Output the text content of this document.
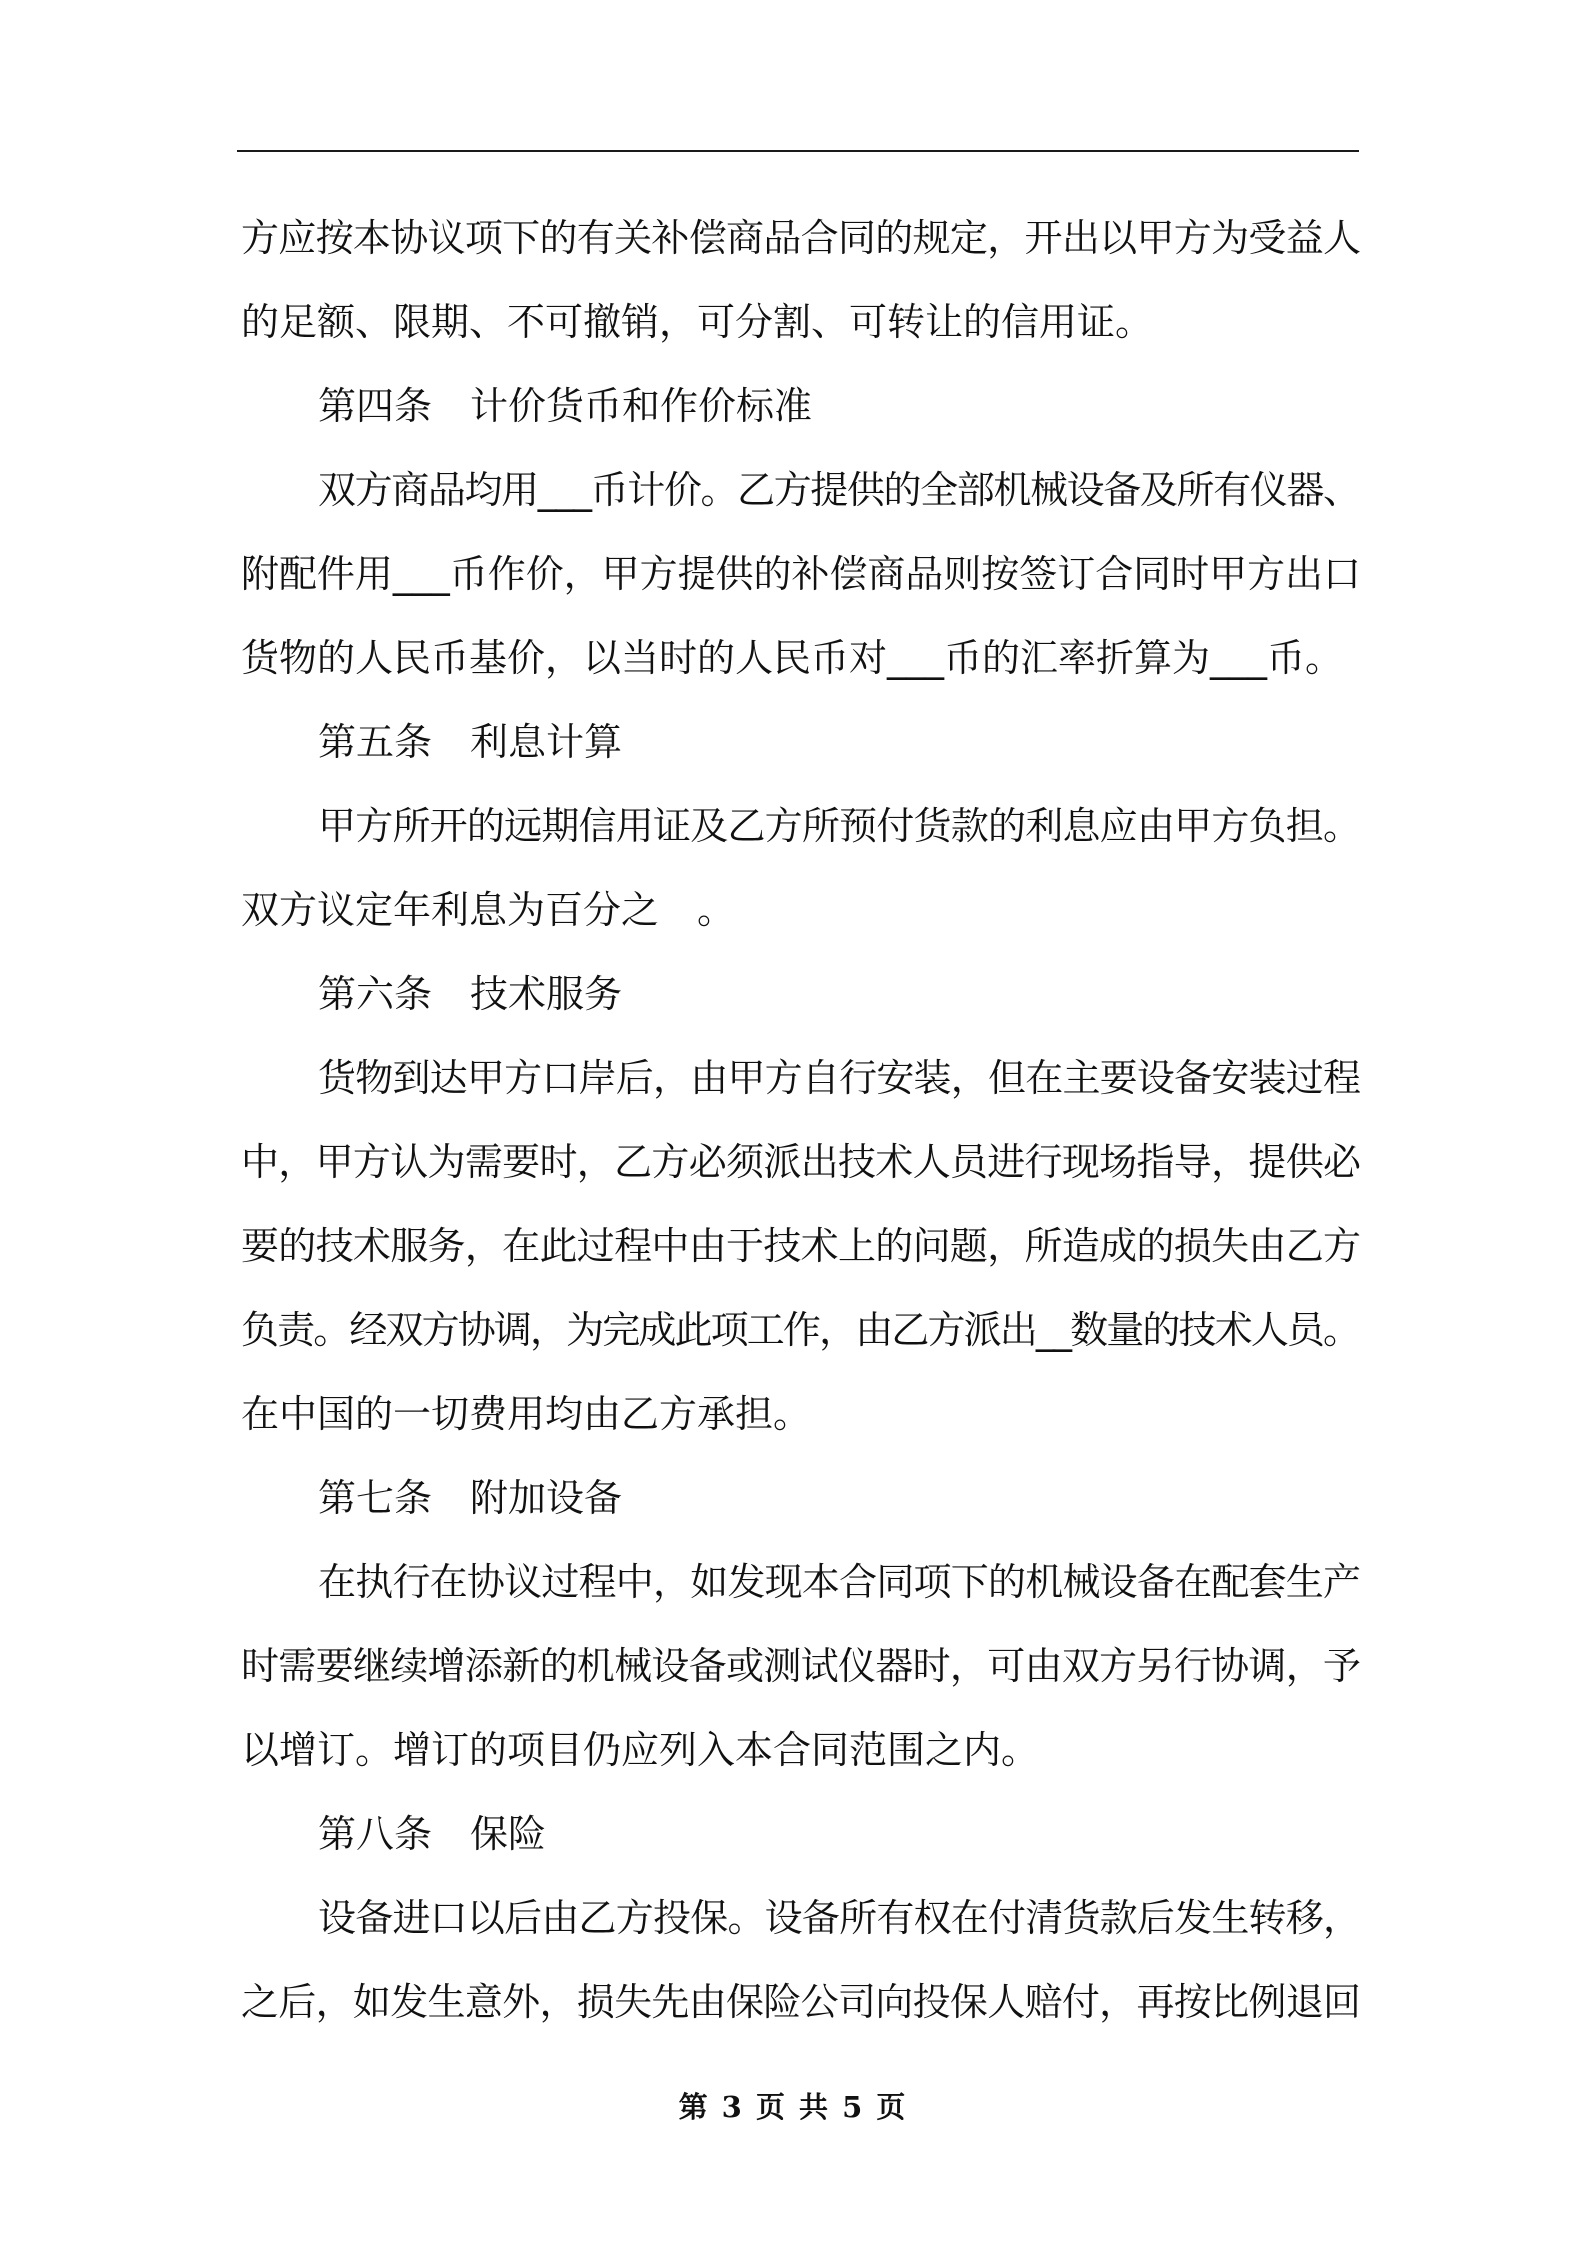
方应按本协议项下的有关补偿商品合同的规定，开出以甲方为受益人
的足额、限期、不可撤销，可分割、可转让的信用证。
第四条　计价货币和作价标准
双方商品均用___币计价。乙方提供的全部机械设备及所有仪器、
附配件用___币作价，甲方提供的补偿商品则按签订合同时甲方出口
货物的人民币基价，以当时的人民币对___币的汇率折算为___币。
第五条　利息计算
甲方所开的远期信用证及乙方所预付货款的利息应由甲方负担。
双方议定年利息为百分之　。
第六条　技术服务
货物到达甲方口岸后，由甲方自行安装，但在主要设备安装过程
中，甲方认为需要时，乙方必须派出技术人员进行现场指导，提供必
要的技术服务，在此过程中由于技术上的问题，所造成的损失由乙方
负责。经双方协调，为完成此项工作，由乙方派出__数量的技术人员。
在中国的一切费用均由乙方承担。
第七条　附加设备
在执行在协议过程中，如发现本合同项下的机械设备在配套生产
时需要继续增添新的机械设备或测试仪器时，可由双方另行协调，予
以增订。增订的项目仍应列入本合同范围之内。
第八条　保险
设备进口以后由乙方投保。设备所有权在付清货款后发生转移，
之后，如发生意外，损失先由保险公司向投保人赔付，再按比例退回
第 3 页 共 5 页
